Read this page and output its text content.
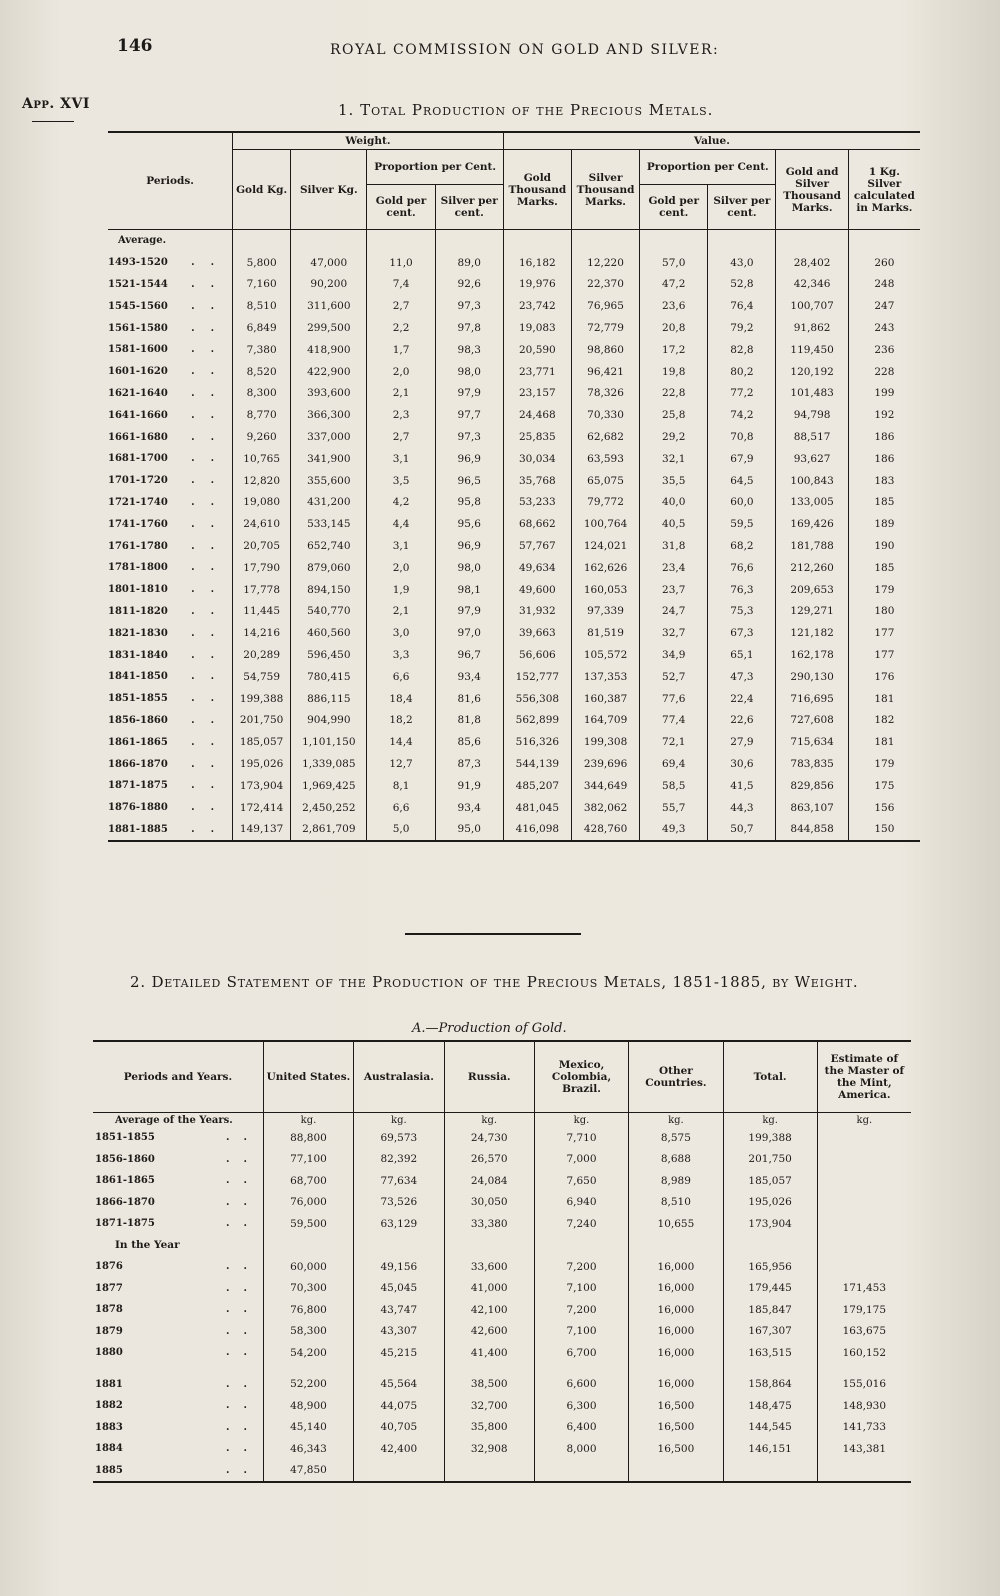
146	ROYAL COMMISSION ON GOLD AND SILVER:
App. XVI	1. Total Production of the Precious Metals.
Periods.	Weight.				Value.					
	Gold Kg.	Silver Kg.	Proportion per Cent.		Gold Thousand Marks.	Silver Thousand Marks.	Proportion per Cent.		Gold and Silver Thousand Marks.	1 Kg. Silver calculated in Marks.
			Gold per cent.	Silver per cent.			Gold per cent.	Silver per cent.		
Average.										
1493-1520 ..	5,800	47,000	11,0	89,0	16,182	12,220	57,0	43,0	28,402	260
1521-1544 ..	7,160	90,200	7,4	92,6	19,976	22,370	47,2	52,8	42,346	248
1545-1560 ..	8,510	311,600	2,7	97,3	23,742	76,965	23,6	76,4	100,707	247
1561-1580 ..	6,849	299,500	2,2	97,8	19,083	72,779	20,8	79,2	91,862	243
1581-1600 ..	7,380	418,900	1,7	98,3	20,590	98,860	17,2	82,8	119,450	236
1601-1620 ..	8,520	422,900	2,0	98,0	23,771	96,421	19,8	80,2	120,192	228
1621-1640 ..	8,300	393,600	2,1	97,9	23,157	78,326	22,8	77,2	101,483	199
1641-1660 ..	8,770	366,300	2,3	97,7	24,468	70,330	25,8	74,2	94,798	192
1661-1680 ..	9,260	337,000	2,7	97,3	25,835	62,682	29,2	70,8	88,517	186
1681-1700 ..	10,765	341,900	3,1	96,9	30,034	63,593	32,1	67,9	93,627	186
1701-1720 ..	12,820	355,600	3,5	96,5	35,768	65,075	35,5	64,5	100,843	183
1721-1740 ..	19,080	431,200	4,2	95,8	53,233	79,772	40,0	60,0	133,005	185
1741-1760 ..	24,610	533,145	4,4	95,6	68,662	100,764	40,5	59,5	169,426	189
1761-1780 ..	20,705	652,740	3,1	96,9	57,767	124,021	31,8	68,2	181,788	190
1781-1800 ..	17,790	879,060	2,0	98,0	49,634	162,626	23,4	76,6	212,260	185
1801-1810 ..	17,778	894,150	1,9	98,1	49,600	160,053	23,7	76,3	209,653	179
1811-1820 ..	11,445	540,770	2,1	97,9	31,932	97,339	24,7	75,3	129,271	180
1821-1830 ..	14,216	460,560	3,0	97,0	39,663	81,519	32,7	67,3	121,182	177
1831-1840 ..	20,289	596,450	3,3	96,7	56,606	105,572	34,9	65,1	162,178	177
1841-1850 ..	54,759	780,415	6,6	93,4	152,777	137,353	52,7	47,3	290,130	176
1851-1855 ..	199,388	886,115	18,4	81,6	556,308	160,387	77,6	22,4	716,695	181
1856-1860 ..	201,750	904,990	18,2	81,8	562,899	164,709	77,4	22,6	727,608	182
1861-1865 ..	185,057	1,101,150	14,4	85,6	516,326	199,308	72,1	27,9	715,634	181
1866-1870 ..	195,026	1,339,085	12,7	87,3	544,139	239,696	69,4	30,6	783,835	179
1871-1875 ..	173,904	1,969,425	8,1	91,9	485,207	344,649	58,5	41,5	829,856	175
1876-1880 ..	172,414	2,450,252	6,6	93,4	481,045	382,062	55,7	44,3	863,107	156
1881-1885 ..	149,137	2,861,709	5,0	95,0	416,098	428,760	49,3	50,7	844,858	150
2. Detailed Statement of the Production of the Precious Metals, 1851-1885, by Weight.
A.—Production of Gold.
Periods and Years.	United States.	Australasia.	Russia.	Mexico, Colombia, Brazil.	Other Countries.	Total.	Estimate of the Master of the Mint, America.
Average of the Years.	kg.	kg.	kg.	kg.	kg.	kg.	kg.
1851-1855 ..	88,800	69,573	24,730	7,710	8,575	199,388	
1856-1860 ..	77,100	82,392	26,570	7,000	8,688	201,750	
1861-1865 ..	68,700	77,634	24,084	7,650	8,989	185,057	
1866-1870 ..	76,000	73,526	30,050	6,940	8,510	195,026	
1871-1875 ..	59,500	63,129	33,380	7,240	10,655	173,904	
In the Year							
1876 ..	60,000	49,156	33,600	7,200	16,000	165,956	
1877 ..	70,300	45,045	41,000	7,100	16,000	179,445	171,453
1878 ..	76,800	43,747	42,100	7,200	16,000	185,847	179,175
1879 ..	58,300	43,307	42,600	7,100	16,000	167,307	163,675
1880 ..	54,200	45,215	41,400	6,700	16,000	163,515	160,152

1881 ..	52,200	45,564	38,500	6,600	16,000	158,864	155,016
1882 ..	48,900	44,075	32,700	6,300	16,500	148,475	148,930
1883 ..	45,140	40,705	35,800	6,400	16,500	144,545	141,733
1884 ..	46,343	42,400	32,908	8,000	16,500	146,151	143,381
1885 ..	47,850						
